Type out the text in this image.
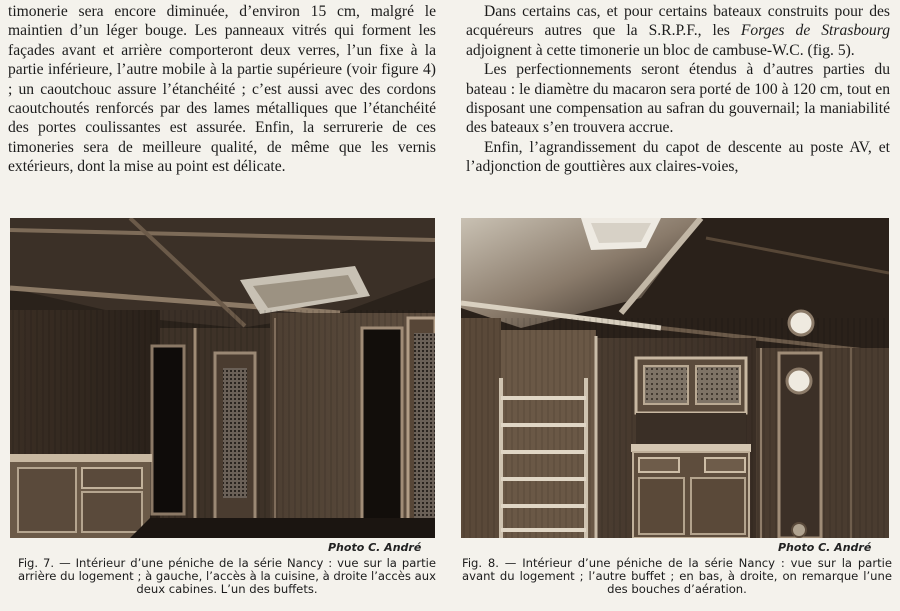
timonerie sera encore diminuée, d’environ 15 cm, malgré le maintien d’un léger bouge. Les panneaux vitrés qui forment les façades avant et arrière comporteront deux verres, l’un fixe à la partie inférieure, l’autre mobile à la partie supérieure (voir figure 4) ; un caoutchouc assure l’étanchéité ; c’est aussi avec des cordons caoutchoutés renforcés par des lames métalliques que l’étanchéité des portes coulissantes est assurée. Enfin, la serrurerie de ces timoneries sera de meilleure qualité, de même que les vernis extérieurs, dont la mise au point est délicate.

Dans certains cas, et pour certains bateaux construits pour des acquéreurs autres que la S.R.P.F., les Forges de Strasbourg adjoignent à cette timonerie un bloc de cambuse-W.C. (fig. 5).

Les perfectionnements seront étendus à d’autres parties du bateau : le diamètre du macaron sera porté de 100 à 120 cm, tout en disposant une compensation au safran du gouvernail; la maniabilité des bateaux s’en trouvera accrue.

Enfin, l’agrandissement du capot de descente au poste AV, et l’adjonction de gouttières aux claires-voies,

Photo C. André
Fig. 7. — Intérieur d’une péniche de la série Nancy : vue sur la partie arrière du logement ; à gauche, l’accès à la cuisine, à droite l’accès aux deux cabines. L’un des buffets.
Photo C. André
Fig. 8. — Intérieur d’une péniche de la série Nancy : vue sur la partie avant du logement ; l’autre buffet ; en bas, à droite, on remarque l’une des bouches d’aération.
